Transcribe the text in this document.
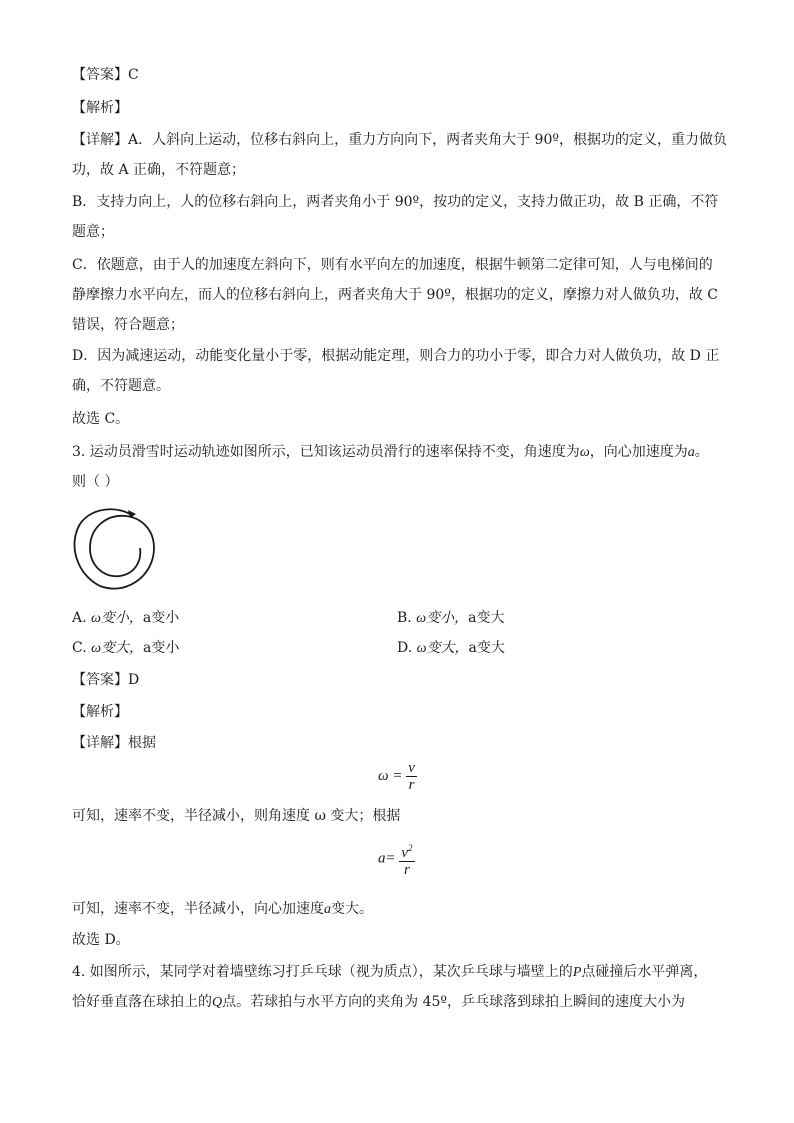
【答案】C
【解析】
【详解】A．人斜向上运动，位移右斜向上，重力方向向下，两者夹角大于 90º，根据功的定义，重力做负
功，故 A 正确，不符题意；
B．支持力向上，人的位移右斜向上，两者夹角小于 90º，按功的定义，支持力做正功，故 B 正确，不符
题意；
C．依题意，由于人的加速度左斜向下，则有水平向左的加速度，根据牛顿第二定律可知，人与电梯间的
静摩擦力水平向左，而人的位移右斜向上，两者夹角大于 90º，根据功的定义，摩擦力对人做负功，故 C
错误，符合题意；
D．因为减速运动，动能变化量小于零，根据动能定理，则合力的功小于零，即合力对人做负功，故 D 正
确，不符题意。
故选 C。
3. 运动员滑雪时运动轨迹如图所示，已知该运动员滑行的速率保持不变，角速度为ω，向心加速度为a。
则（ ）
A. ω变小，a变小	B. ω变小，a变大
C. ω变大，a变小	D. ω变大，a变大
【答案】D
【解析】
【详解】根据
$\omega = \frac{v}{r}$
可知，速率不变，半径减小，则角速度 ω 变大；根据
$a= \frac{v^2}{r}$
可知，速率不变，半径减小，向心加速度a变大。
故选 D。
4. 如图所示，某同学对着墙壁练习打乒乓球（视为质点），某次乒乓球与墙壁上的P点碰撞后水平弹离，
恰好垂直落在球拍上的Q点。若球拍与水平方向的夹角为 45º，乒乓球落到球拍上瞬间的速度大小为
